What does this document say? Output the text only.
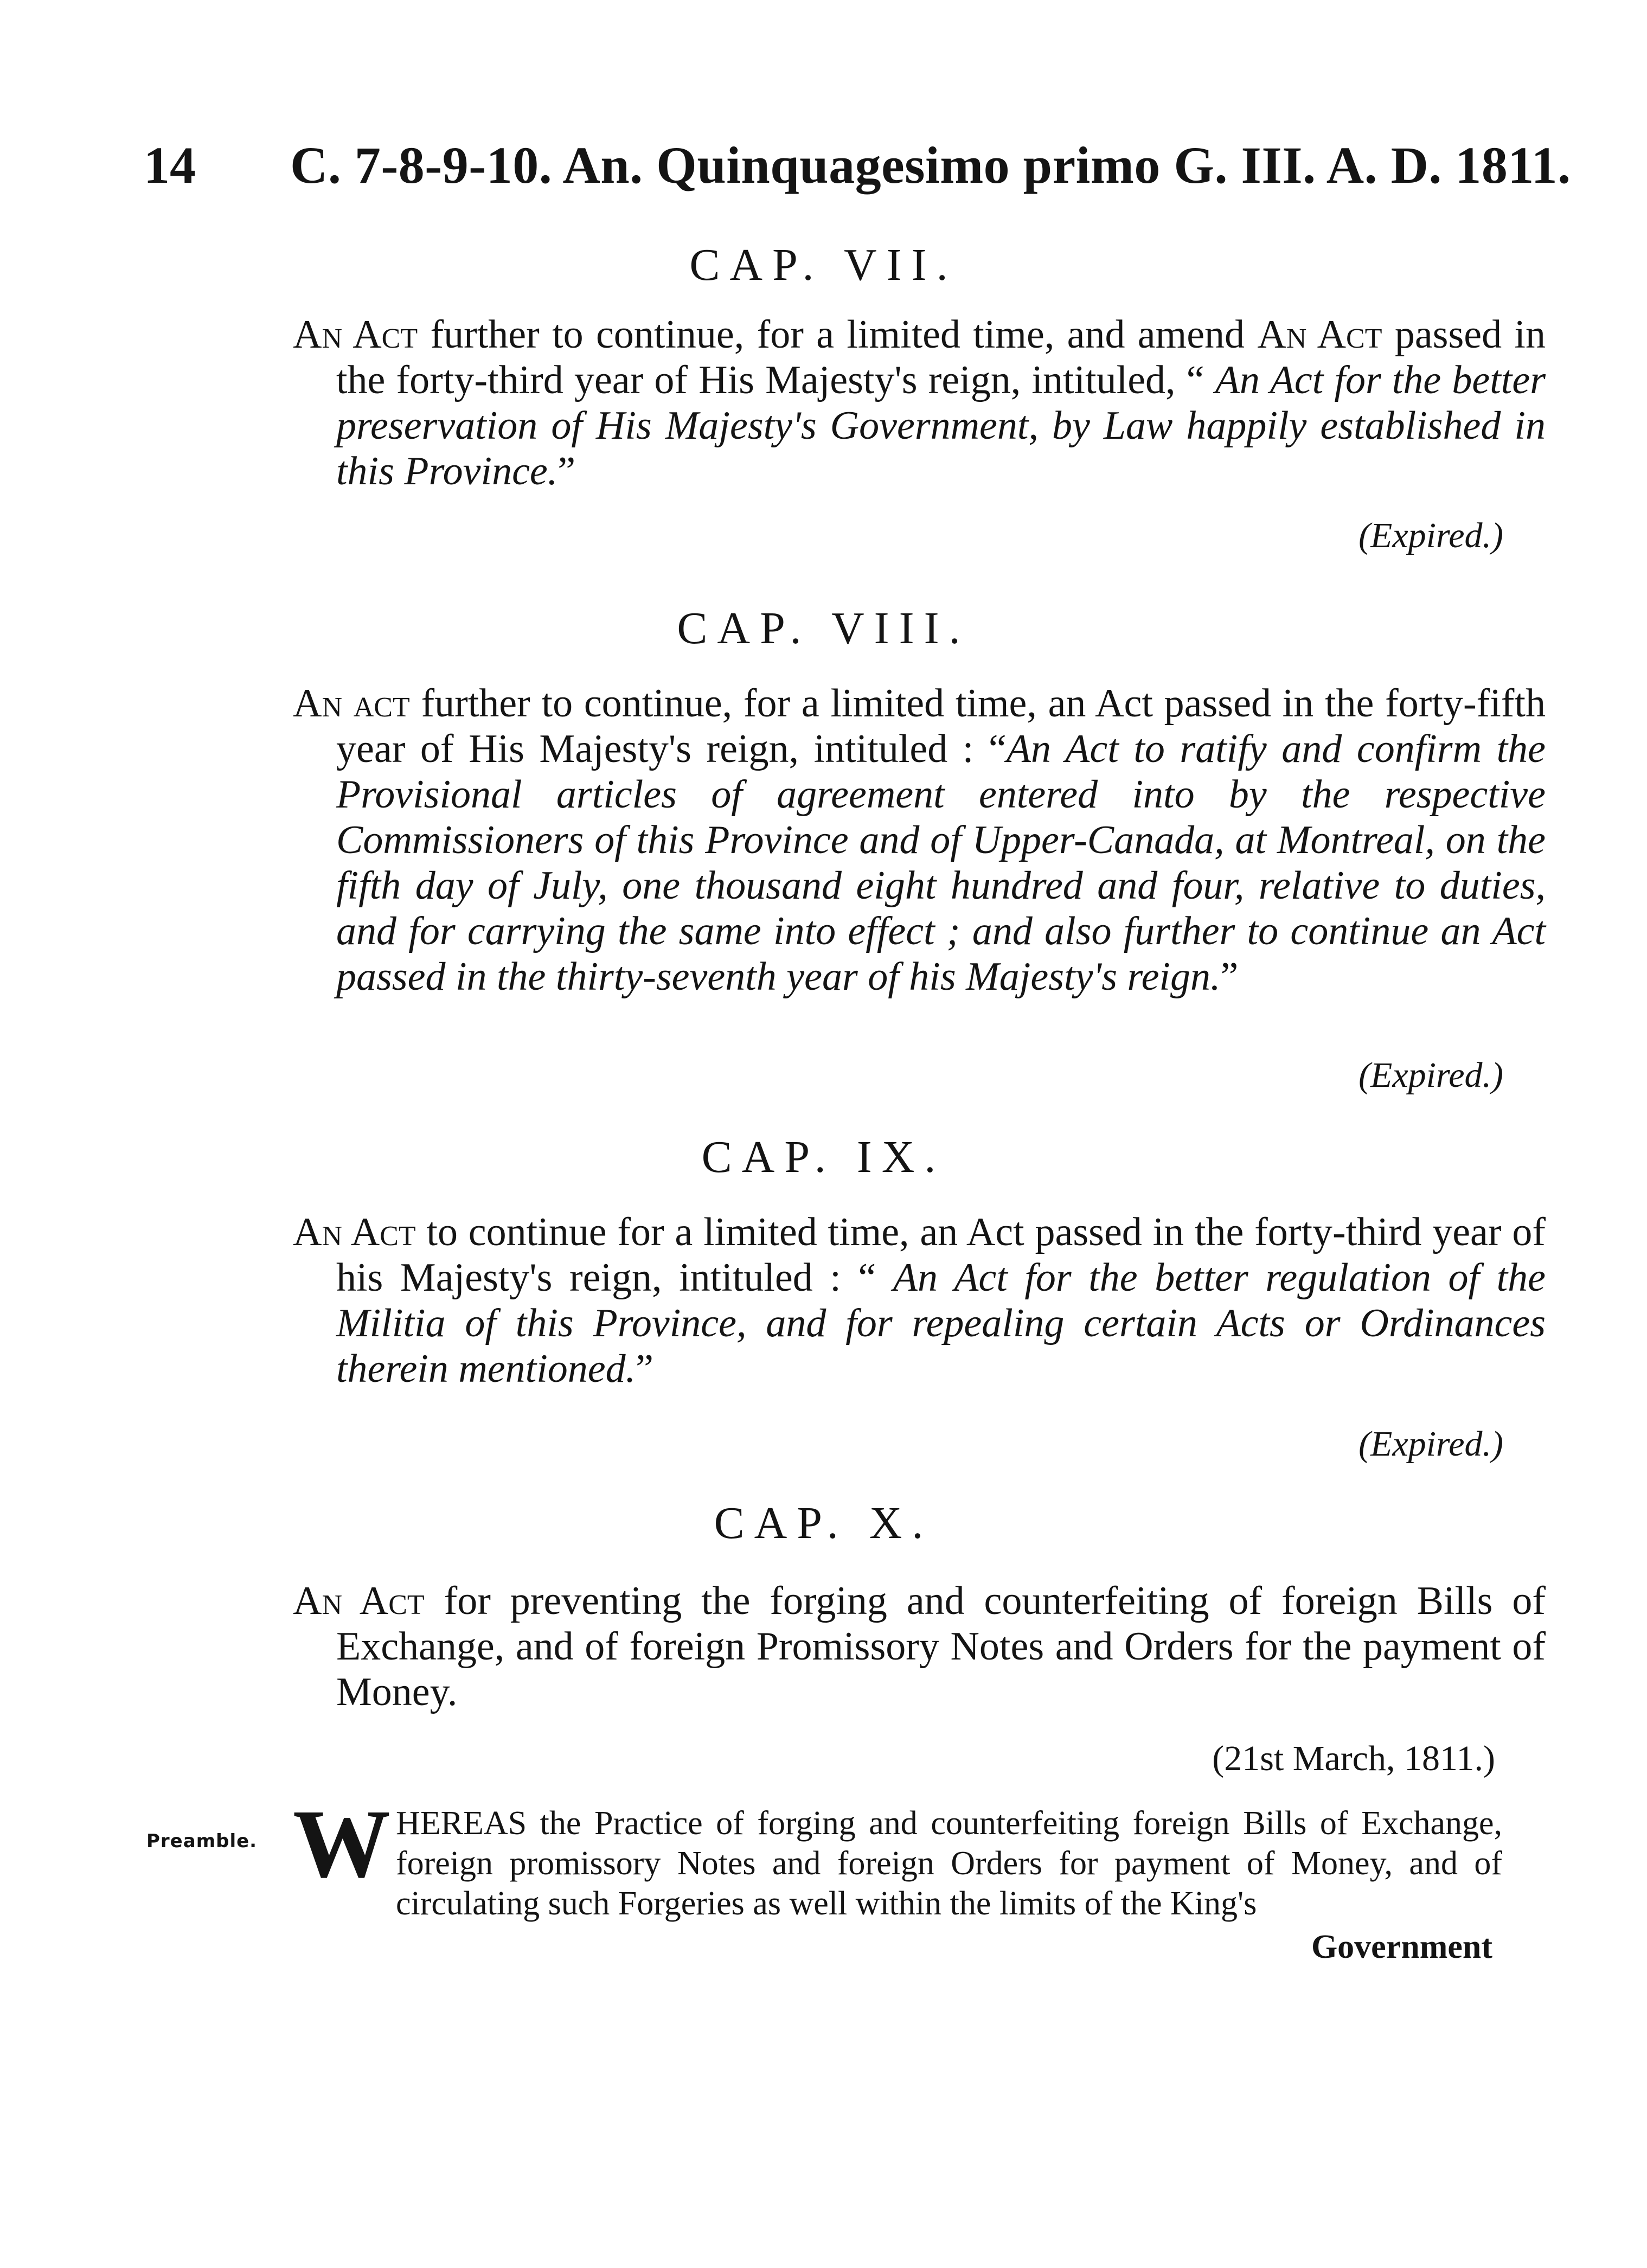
14 C. 7-8-9-10. An. Quinquagesimo primo G. III. A. D. 1811.
CAP. VII.
An Act further to continue, for a limited time, and amend An Act passed in the forty-third year of His Majesty's reign, intituled, “ An Act for the better preservation of His Majesty's Government, by Law happily established in this Province.”
(Expired.)
CAP. VIII.
An act further to continue, for a limited time, an Act passed in the forty-fifth year of His Majesty's reign, intituled : “An Act to ratify and confirm the Provisional articles of agreement entered into by the respective Commissioners of this Province and of Upper-Canada, at Montreal, on the fifth day of July, one thousand eight hundred and four, relative to duties, and for carrying the same into effect ; and also further to continue an Act passed in the thirty-seventh year of his Majesty's reign.”
(Expired.)
CAP. IX.
An Act to continue for a limited time, an Act passed in the forty-third year of his Majesty's reign, intituled : “ An Act for the better regulation of the Militia of this Province, and for repealing certain Acts or Ordinances therein mentioned.”
(Expired.)
CAP. X.
An Act for preventing the forging and counterfeiting of foreign Bills of Exchange, and of foreign Promissory Notes and Orders for the payment of Money.
(21st March, 1811.)
Preamble. W HEREAS the Practice of forging and counterfeiting foreign Bills of Exchange, foreign promissory Notes and foreign Orders for payment of Money, and of circulating such Forgeries as well within the limits of the King's
Government
